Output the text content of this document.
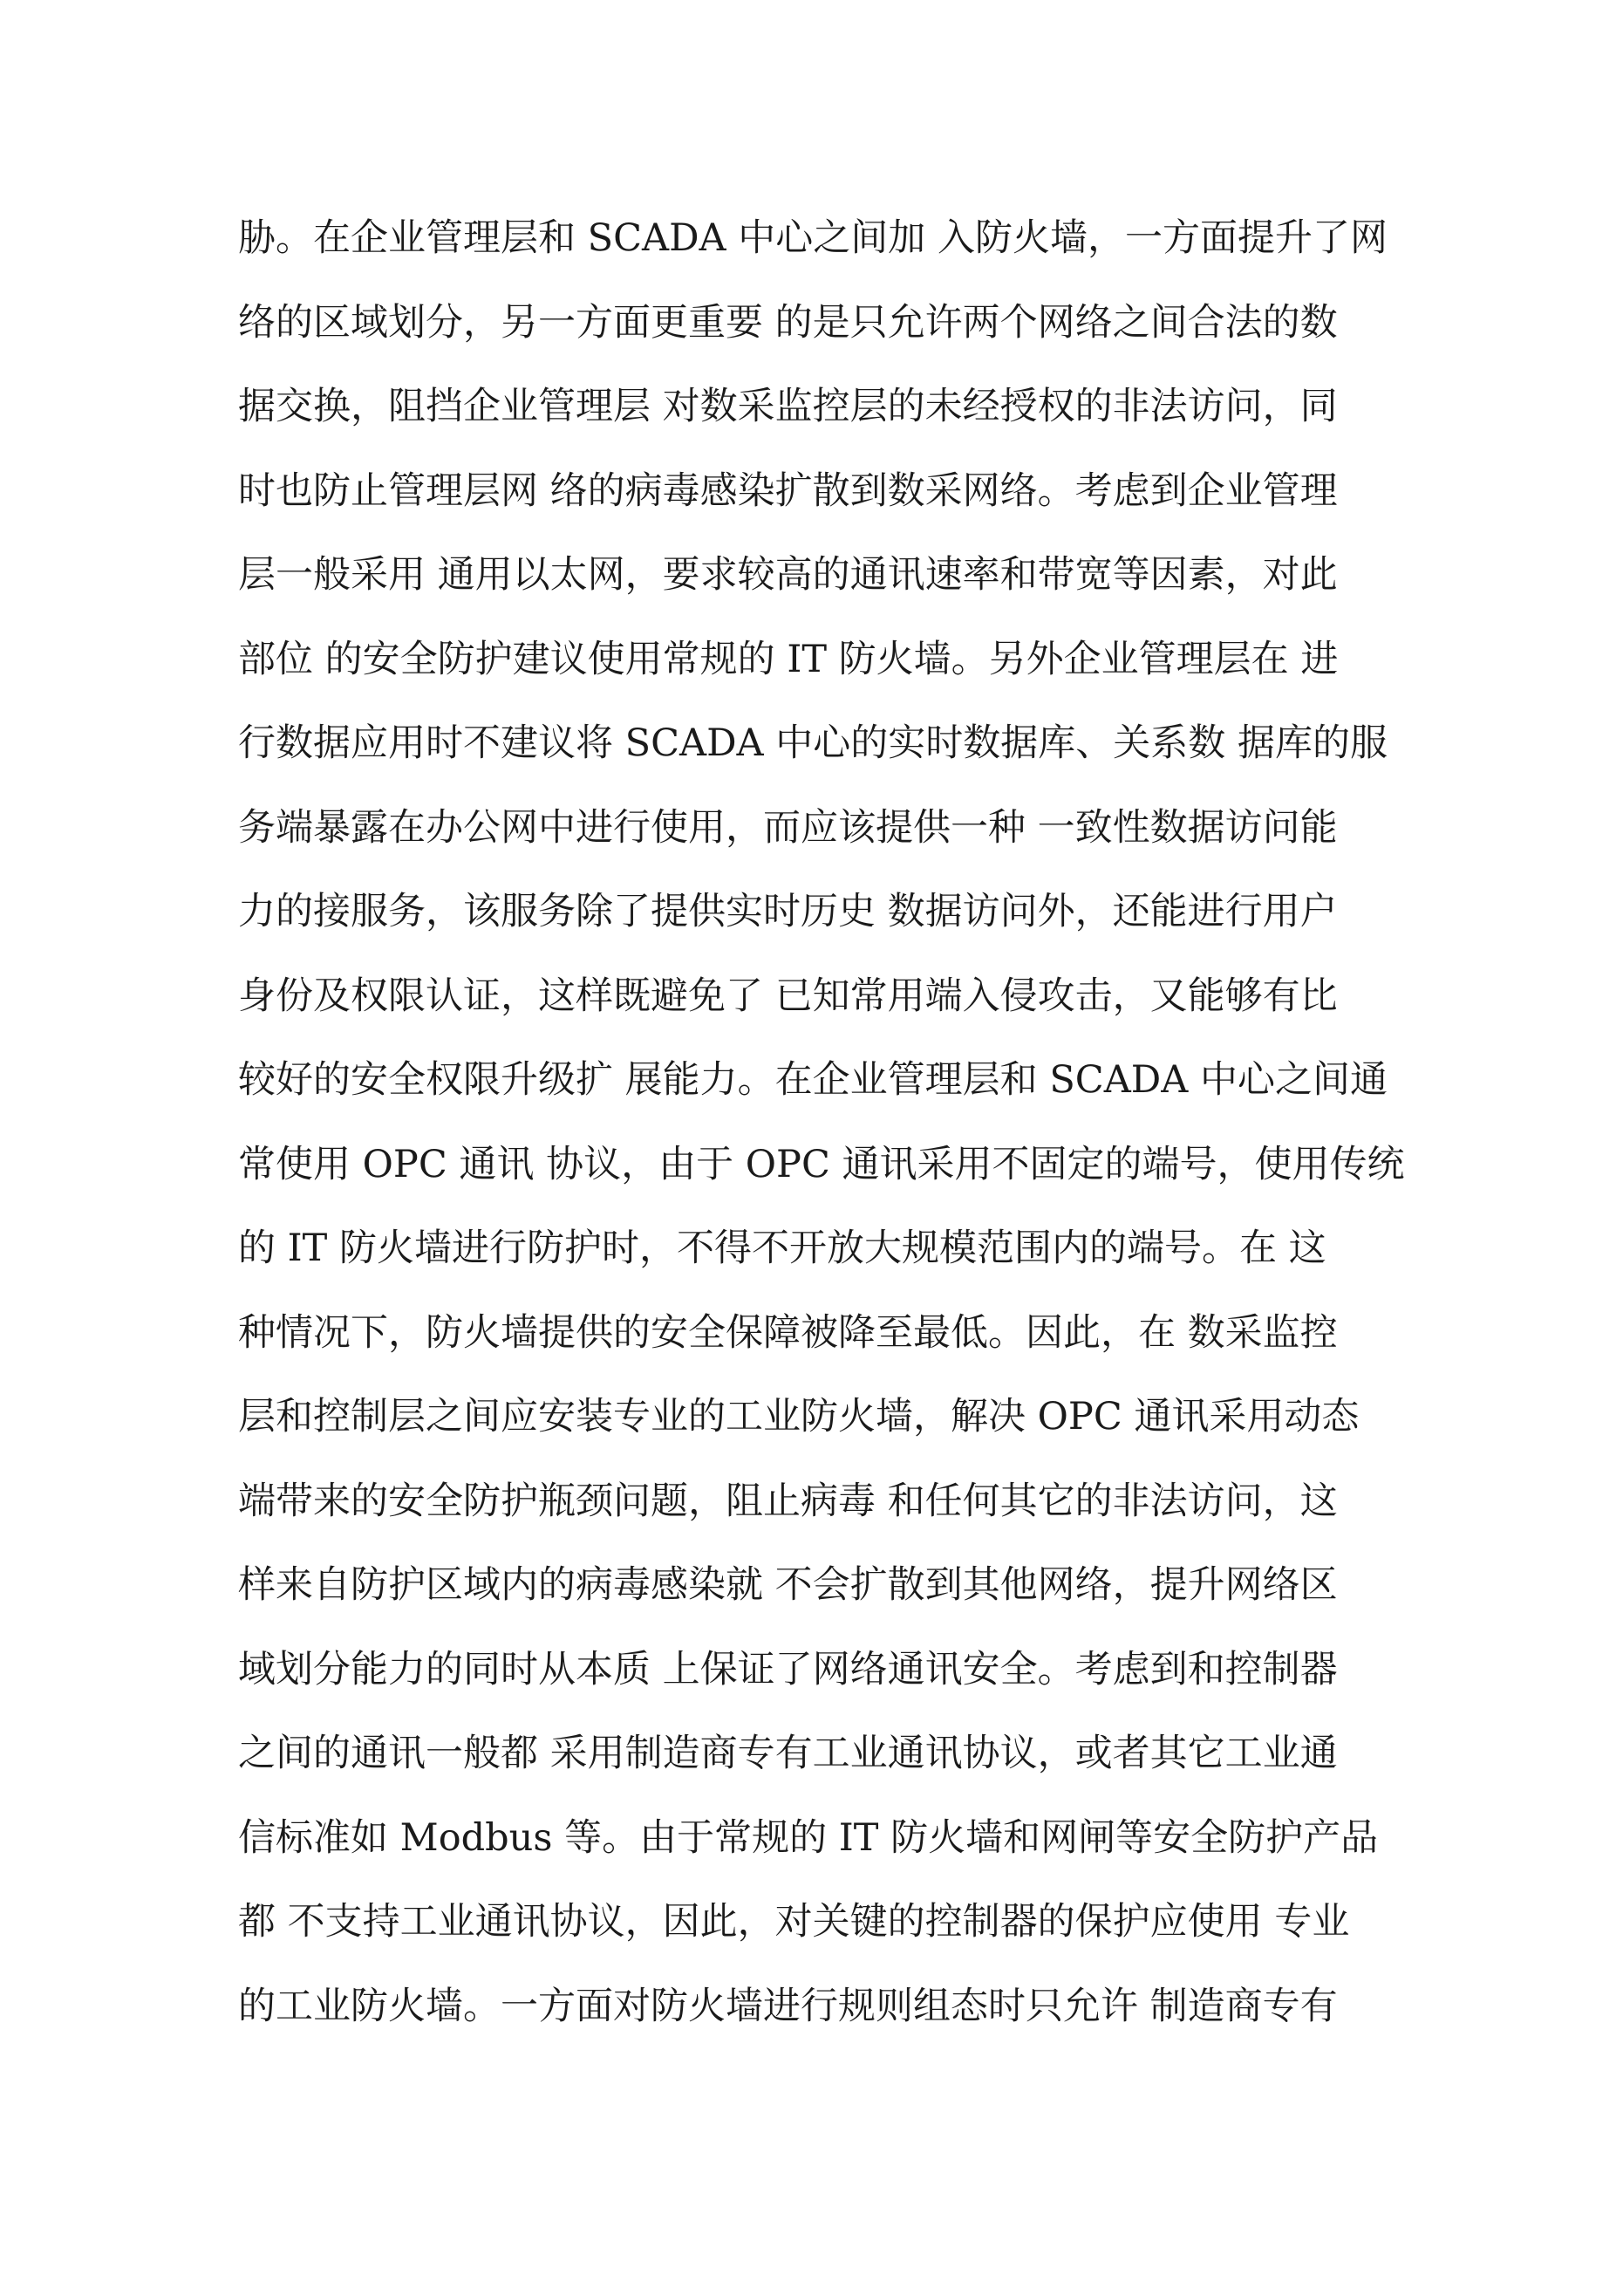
胁。在企业管理层和 SCADA 中心之间加 入防火墙，一方面提升了网
络的区域划分，另一方面更重要 的是只允许两个网络之间合法的数
据交换，阻挡企业管理层 对数采监控层的未经授权的非法访问，同
时也防止管理层网 络的病毒感染扩散到数采网络。考虑到企业管理
层一般采用 通用以太网，要求较高的通讯速率和带宽等因素，对此
部位 的安全防护建议使用常规的 IT 防火墙。另外企业管理层在 进
行数据应用时不建议将 SCADA 中心的实时数据库、关系数 据库的服
务端暴露在办公网中进行使用，而应该提供一种 一致性数据访问能
力的接服务，该服务除了提供实时历史 数据访问外，还能进行用户
身份及权限认证，这样既避免了 已知常用端入侵攻击，又能够有比
较好的安全权限升级扩 展能力。在企业管理层和 SCADA 中心之间通
常使用 OPC 通讯 协议，由于 OPC 通讯采用不固定的端号，使用传统
的 IT 防火墙进行防护时，不得不开放大规模范围内的端号。在 这
种情况下，防火墙提供的安全保障被降至最低。因此，在 数采监控
层和控制层之间应安装专业的工业防火墙，解决 OPC 通讯采用动态
端带来的安全防护瓶颈问题，阻止病毒 和任何其它的非法访问，这
样来自防护区域内的病毒感染就 不会扩散到其他网络，提升网络区
域划分能力的同时从本质 上保证了网络通讯安全。考虑到和控制器
之间的通讯一般都 采用制造商专有工业通讯协议，或者其它工业通
信标准如 Modbus 等。由于常规的 IT 防火墙和网闸等安全防护产品
都 不支持工业通讯协议，因此，对关键的控制器的保护应使用 专业
的工业防火墙。一方面对防火墙进行规则组态时只允许 制造商专有
